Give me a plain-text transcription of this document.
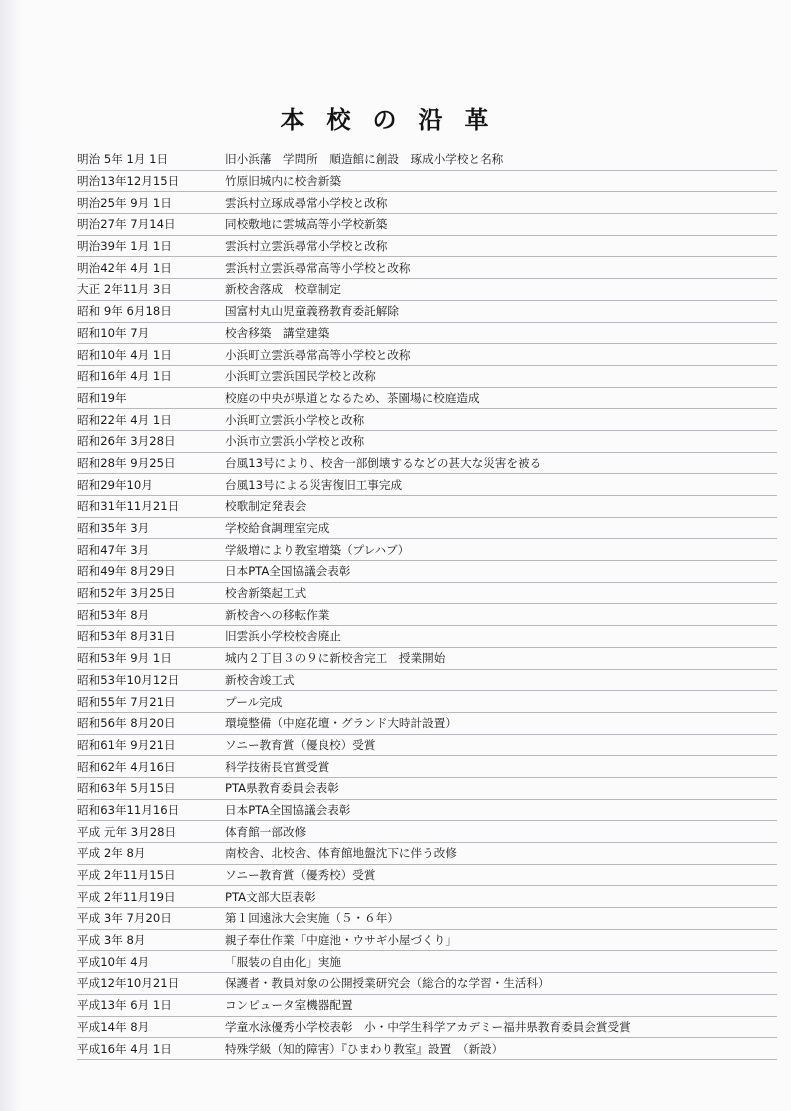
本校の沿革
明治 5年 1月 1日	旧小浜藩　学問所　順造館に創設　琢成小学校と名称
明治13年12月15日	竹原旧城内に校舎新築
明治25年 9月 1日	雲浜村立琢成尋常小学校と改称
明治27年 7月14日	同校敷地に雲城高等小学校新築
明治39年 1月 1日	雲浜村立雲浜尋常小学校と改称
明治42年 4月 1日	雲浜村立雲浜尋常高等小学校と改称
大正 2年11月 3日	新校舎落成　校章制定
昭和 9年 6月18日	国富村丸山児童義務教育委託解除
昭和10年 7月	校舎移築　講堂建築
昭和10年 4月 1日	小浜町立雲浜尋常高等小学校と改称
昭和16年 4月 1日	小浜町立雲浜国民学校と改称
昭和19年	校庭の中央が県道となるため、茶園場に校庭造成
昭和22年 4月 1日	小浜町立雲浜小学校と改称
昭和26年 3月28日	小浜市立雲浜小学校と改称
昭和28年 9月25日	台風13号により、校舎一部倒壊するなどの甚大な災害を被る
昭和29年10月	台風13号による災害復旧工事完成
昭和31年11月21日	校歌制定発表会
昭和35年 3月	学校給食調理室完成
昭和47年 3月	学級増により教室増築（プレハブ）
昭和49年 8月29日	日本PTA全国協議会表彰
昭和52年 3月25日	校舎新築起工式
昭和53年 8月	新校舎への移転作業
昭和53年 8月31日	旧雲浜小学校校舎廃止
昭和53年 9月 1日	城内２丁目３の９に新校舎完工　授業開始
昭和53年10月12日	新校舎竣工式
昭和55年 7月21日	プール完成
昭和56年 8月20日	環境整備（中庭花壇・グランド大時計設置）
昭和61年 9月21日	ソニー教育賞（優良校）受賞
昭和62年 4月16日	科学技術長官賞受賞
昭和63年 5月15日	PTA県教育委員会表彰
昭和63年11月16日	日本PTA全国協議会表彰
平成 元年 3月28日	体育館一部改修
平成 2年 8月	南校舎、北校舎、体育館地盤沈下に伴う改修
平成 2年11月15日	ソニー教育賞（優秀校）受賞
平成 2年11月19日	PTA文部大臣表彰
平成 3年 7月20日	第１回遠泳大会実施（５・６年）
平成 3年 8月	親子奉仕作業「中庭池・ウサギ小屋づくり」
平成10年 4月	「服装の自由化」実施
平成12年10月21日	保護者・教員対象の公開授業研究会（総合的な学習・生活科）
平成13年 6月 1日	コンピュータ室機器配置
平成14年 8月	学童水泳優秀小学校表彰　小・中学生科学アカデミー福井県教育委員会賞受賞
平成16年 4月 1日	特殊学級（知的障害）『ひまわり教室』設置　（新設）
